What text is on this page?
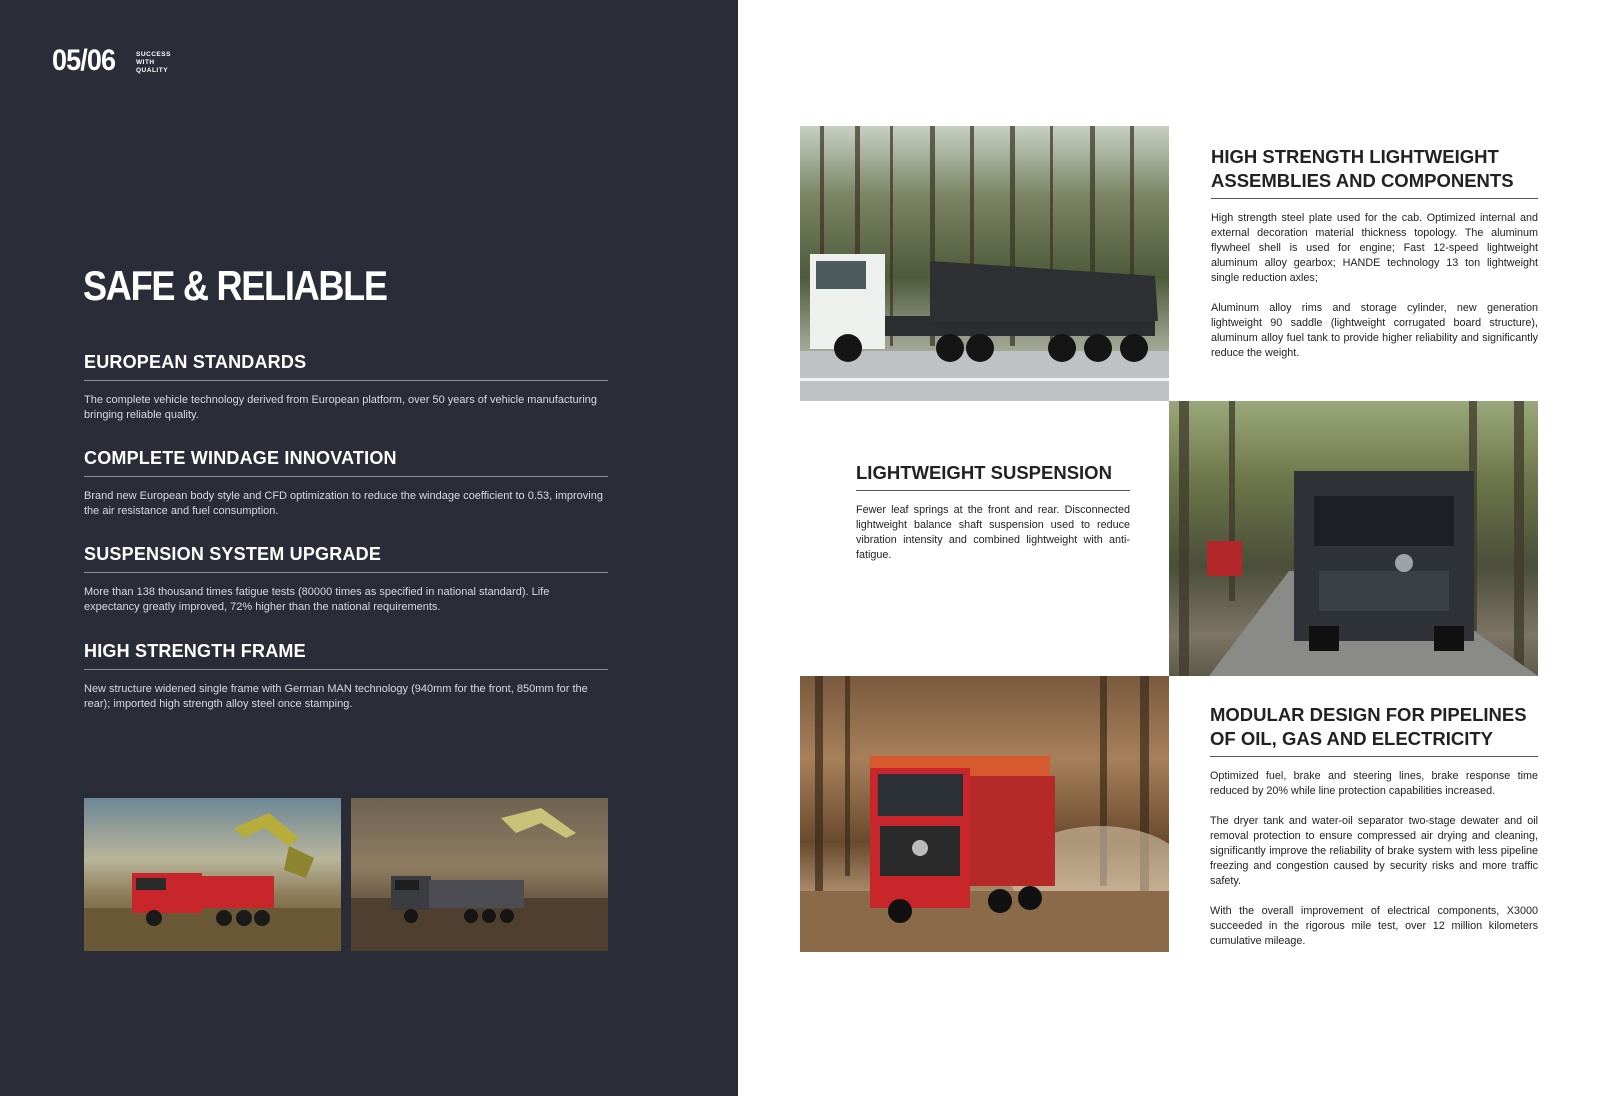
05/06	SUCCESS
WITH
QUALITY
SAFE & RELIABLE
EUROPEAN STANDARDS

The complete vehicle technology derived from European platform, over 50 years of vehicle manufacturing bringing reliable quality.

COMPLETE WINDAGE INNOVATION

Brand new European body style and CFD optimization to reduce the windage coefficient to 0.53, improving the air resistance and fuel consumption.

SUSPENSION SYSTEM UPGRADE

More than 138 thousand times fatigue tests (80000 times as specified in national standard). Life expectancy greatly improved, 72% higher than the national requirements.

HIGH STRENGTH FRAME

New structure widened single frame with German MAN technology (940mm for the front, 850mm for the rear); imported high strength alloy steel once stamping.

HIGH STRENGTH LIGHTWEIGHT ASSEMBLIES AND COMPONENTS

High strength steel plate used for the cab. Optimized internal and external decoration material thickness topology. The aluminum flywheel shell is used for engine; Fast 12-speed lightweight aluminum alloy gearbox; HANDE technology 13 ton lightweight single reduction axles;

Aluminum alloy rims and storage cylinder, new generation lightweight 90 saddle (lightweight corrugated board structure), aluminum alloy fuel tank to provide higher reliability and significantly reduce the weight.

LIGHTWEIGHT SUSPENSION

Fewer leaf springs at the front and rear. Disconnected lightweight balance shaft suspension used to reduce vibration intensity and combined lightweight with anti-fatigue.

MODULAR DESIGN FOR PIPELINES OF OIL, GAS AND ELECTRICITY

Optimized fuel, brake and steering lines, brake response time reduced by 20% while line protection capabilities increased.

The dryer tank and water-oil separator two-stage dewater and oil removal protection to ensure compressed air drying and cleaning, significantly improve the reliability of brake system with less pipeline freezing and congestion caused by security risks and more traffic safety.

With the overall improvement of electrical components, X3000 succeeded in the rigorous mile test, over 12 million kilometers cumulative mileage.
